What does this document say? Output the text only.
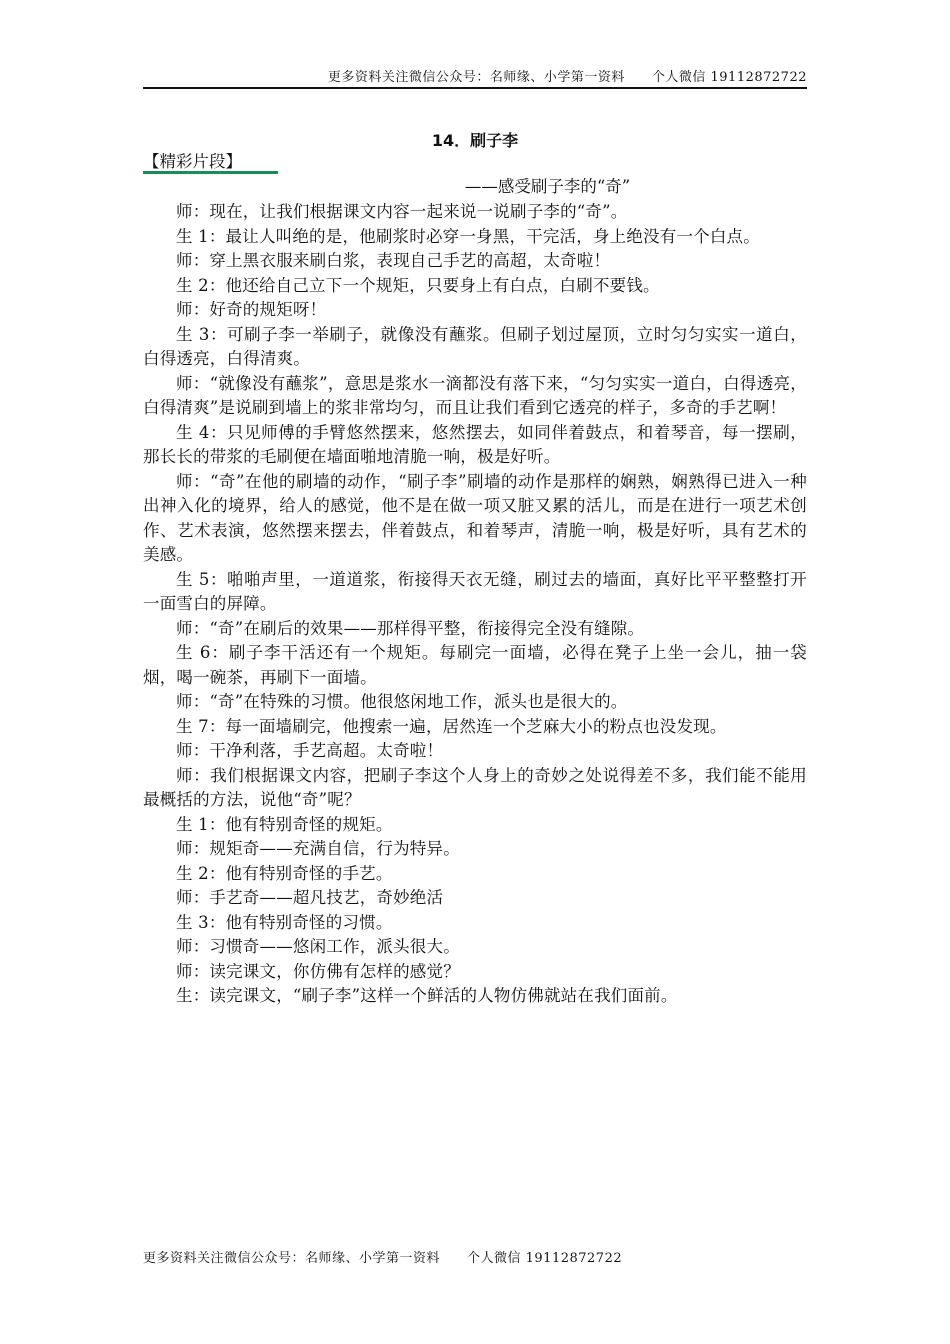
更多资料关注微信公众号：名师缘、小学第一资料　　个人微信 19112872722
14．刷子李
【精彩片段】
——感受刷子李的“奇”

师：现在，让我们根据课文内容一起来说一说刷子李的“奇”。

生 1：最让人叫绝的是，他刷浆时必穿一身黑，干完活，身上绝没有一个白点。

师：穿上黑衣服来刷白浆，表现自己手艺的高超，太奇啦！

生 2：他还给自己立下一个规矩，只要身上有白点，白刷不要钱。

师：好奇的规矩呀！

生 3：可刷子李一举刷子，就像没有蘸浆。但刷子划过屋顶，立时匀匀实实一道白，白得透亮，白得清爽。

师：“就像没有蘸浆”，意思是浆水一滴都没有落下来，“匀匀实实一道白，白得透亮，白得清爽”是说刷到墙上的浆非常均匀，而且让我们看到它透亮的样子，多奇的手艺啊！

生 4：只见师傅的手臂悠然摆来，悠然摆去，如同伴着鼓点，和着琴音，每一摆刷，那长长的带浆的毛刷便在墙面啪地清脆一响，极是好听。

师：“奇”在他的刷墙的动作，“刷子李”刷墙的动作是那样的娴熟，娴熟得已进入一种出神入化的境界，给人的感觉，他不是在做一项又脏又累的活儿，而是在进行一项艺术创作、艺术表演，悠然摆来摆去，伴着鼓点，和着琴声，清脆一响，极是好听，具有艺术的美感。

生 5：啪啪声里，一道道浆，衔接得天衣无缝，刷过去的墙面，真好比平平整整打开一面雪白的屏障。

师：“奇”在刷后的效果——那样得平整，衔接得完全没有缝隙。

生 6：刷子李干活还有一个规矩。每刷完一面墙，必得在凳子上坐一会儿，抽一袋烟，喝一碗茶，再刷下一面墙。

师：“奇”在特殊的习惯。他很悠闲地工作，派头也是很大的。

生 7：每一面墙刷完，他搜索一遍，居然连一个芝麻大小的粉点也没发现。

师：干净利落，手艺高超。太奇啦！

师：我们根据课文内容，把刷子李这个人身上的奇妙之处说得差不多，我们能不能用最概括的方法，说他“奇”呢？

生 1：他有特别奇怪的规矩。

师：规矩奇——充满自信，行为特异。

生 2：他有特别奇怪的手艺。

师：手艺奇——超凡技艺，奇妙绝活

生 3：他有特别奇怪的习惯。

师：习惯奇——悠闲工作，派头很大。

师：读完课文，你仿佛有怎样的感觉？

生：读完课文，“刷子李”这样一个鲜活的人物仿佛就站在我们面前。

更多资料关注微信公众号：名师缘、小学第一资料　　个人微信 19112872722
